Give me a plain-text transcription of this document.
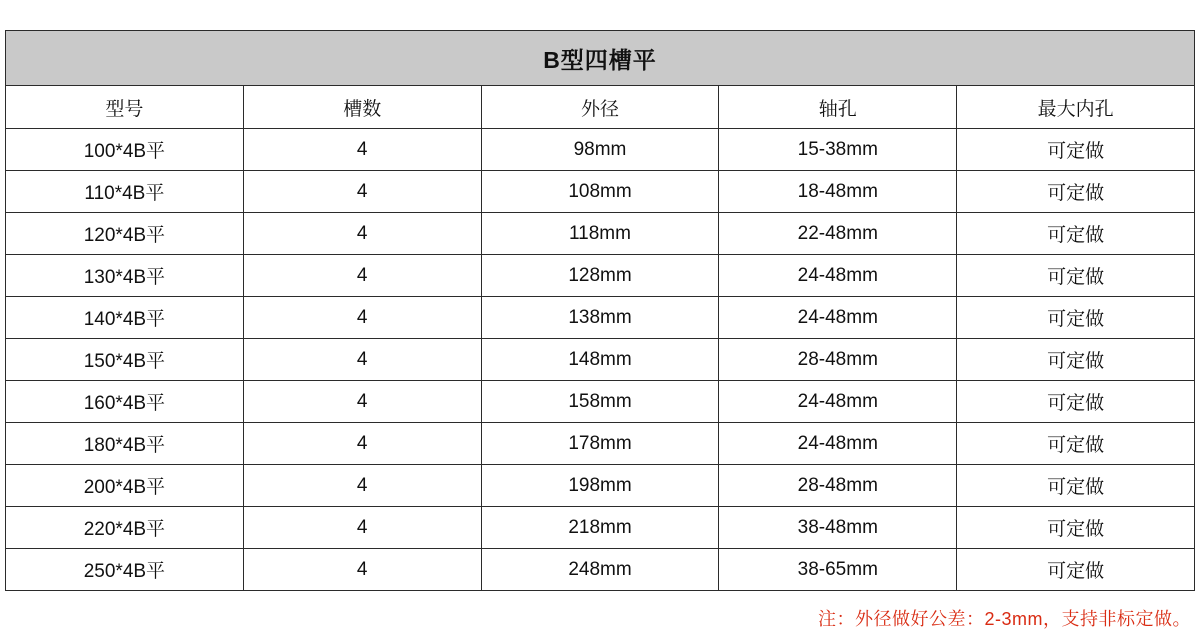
B型四槽平				
型号	槽数	外径	轴孔	最大内孔
100*4B平	4	98mm	15-38mm	可定做
110*4B平	4	108mm	18-48mm	可定做
120*4B平	4	118mm	22-48mm	可定做
130*4B平	4	128mm	24-48mm	可定做
140*4B平	4	138mm	24-48mm	可定做
150*4B平	4	148mm	28-48mm	可定做
160*4B平	4	158mm	24-48mm	可定做
180*4B平	4	178mm	24-48mm	可定做
200*4B平	4	198mm	28-48mm	可定做
220*4B平	4	218mm	38-48mm	可定做
250*4B平	4	248mm	38-65mm	可定做
注：外径做好公差：2-3mm，支持非标定做。
